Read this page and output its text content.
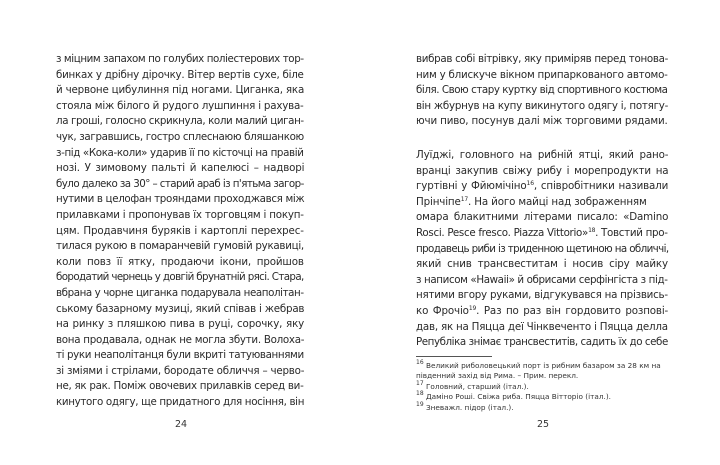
з міцним запахом по голубих поліестерових тор-
бинках у дрібну дірочку. Вітер вертів сухе, біле
й червоне цибулиння під ногами. Циганка, яка
стояла між білого й рудого лушпиння і рахува-
ла гроші, голосно скрикнула, коли малий циган-
чук, загравшись, гостро сплеснаюю бляшанкою
з-під «Кока-коли» ударив її по кісточці на правій
нозі. У зимовому пальті й капелюсі – надворі
було далеко за 30° – старий араб із п'ятьма загор-
нутими в целофан трояндами проходжався між
прилавками і пропонував їх торговцям і покуп-
цям. Продавчиня буряків і картоплі перехрес-
тилася рукою в помаранчевій гумовій рукавиці,
коли повз її ятку, продаючи ікони, пройшов
бородатий чернець у довгій брунатній рясі. Стара,
вбрана у чорне циганка подарувала неаполітан-
ському базарному музиці, який співав і жебрав
на ринку з пляшкою пива в руці, сорочку, яку
вона продавала, однак не могла збути. Волоха-
ті руки неаполітанця були вкриті татуюваннями
зі зміями і стрілами, бородате обличчя – черво-
не, як рак. Поміж овочевих прилавків серед ви-
кинутого одягу, ще придатного для носіння, він
24
вибрав собі вітрівку, яку приміряв перед тонова-
ним у блискуче вікном припаркованого автомо-
біля. Свою стару куртку від спортивного костюма
він жбурнув на купу викинутого одягу і, потягу-
ючи пиво, посунув далі між торговими рядами.
Луїджі, головного на рибній ятці, який рано-
вранці закупив свіжу рибу і морепродукти на
гуртівні у Фйюмічіно$^{16}$, співробітники називали
Прінчіпе$^{17}$. На його майці над зображенням
омара блакитними літерами писало: «Damino
Rosci. Pesce fresco. Piazza Vittorio»$^{18}$. Товстий про-
продавець риби із триденною щетиною на обличчі,
який снив трансвеститам і носив сіру майку
з написом «Hawaii» й обрисами серфінгіста з під-
нятими вгору руками, відгукувався на прізвись-
ко Фрочіо$^{19}$. Раз по раз він гордовито розпові-
дав, як на Пяцца деї Чінквеченто і Пяцца делла
Републіка знімає трансвеститів, садить їх до себе
$^{16}$ Великий риболовецький порт із рибним базаром за 28 км на
південний захід від Рима. – Прим. перекл.
$^{17}$ Головний, старший (італ.).
$^{18}$ Даміно Роші. Свіжа риба. Пяцца Вітторіо (італ.).
$^{19}$ Зневажл. підор (італ.).
25
